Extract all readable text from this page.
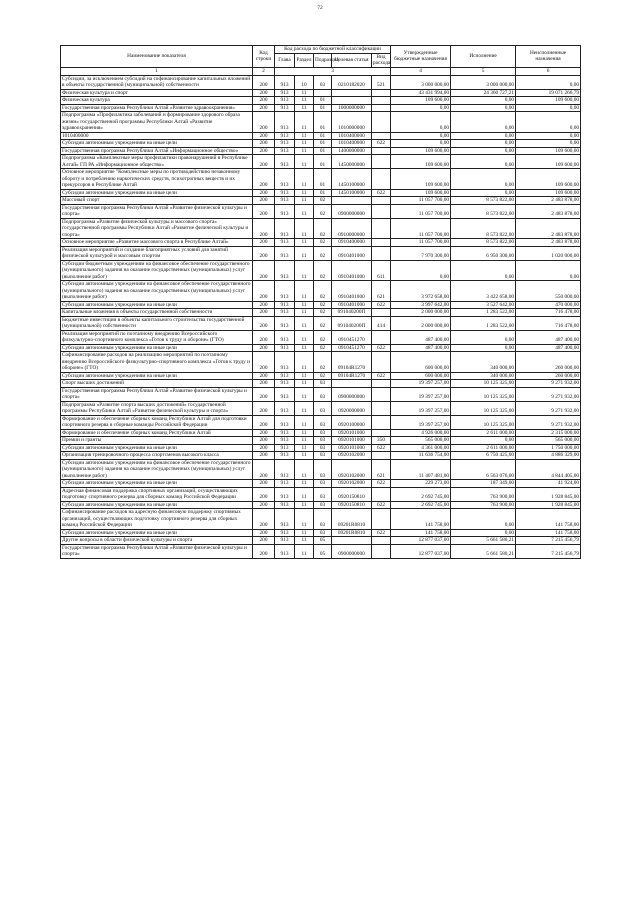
72
Наименование показателя	Код строки	Код расхода по бюджетной классификации					Утвержденные бюджетные назначения	Исполнение	Неисполненные назначения
		Глава	Раздел	Подраздел	Целевая статья	Вид расхода			
1	2	3					4	5	6
Субсидии, за исключением субсидий на софинансирование капитальных вложений в объекты государственной (муниципальной) собственности	200	913	10	03	0210182020	521	3 000 000,00	3 000 000,00	0,00
Физическая культура и спорт	200	913	11				43 431 994,00	24 360 727,21	19 071 266,79
Физическая культура	200	913	11	01			109 600,00	0,00	109 600,00
Государственная программа Республики Алтай «Развитие здравоохранения»	200	913	11	01	1000000000		0,00	0,00	0,00
Подпрограмма «Профилактика заболеваний и формирование здорового образа жизни» государственной программы Республики Алтай «Развитие здравоохранения»	200	913	11	01	1010000000		0,00	0,00	0,00
1010400000	200	913	11	01	1010400000		0,00	0,00	0,00
Субсидии автономным учреждениям на иные цели	200	913	11	01	1010400000	622	0,00	0,00	0,00
Государственная программа Республики Алтай «Информационное общество»	200	913	11	01	1400000000		109 600,00	0,00	109 600,00
Подпрограмма «Комплексные меры профилактики правонарушений в Республике Алтай» ГП РА «Информационное общество»	200	913	11	01	1450000000		109 600,00	0,00	109 600,00
Основное мероприятие "Комплексные меры по противодействию незаконному обороту и потреблению наркотических средств, психотропных веществ и их прекурсоров в Республике Алтай	200	913	11	01	1450100000		109 600,00	0,00	109 600,00
Субсидии автономным учреждениям на иные цели	200	913	11	01	1450100000	622	109 600,00	0,00	109 600,00
Массовый спорт	200	913	11	02			11 057 700,00	8 573 822,00	2 483 878,00
Государственная программа Республики Алтай «Развитие физической культуры и спорта»	200	913	11	02	0900000000		11 057 700,00	8 573 822,00	2 483 878,00
Подпрограмма «Развитие физической культуры и массового спорта» государственной программы Республики Алтай «Развитие физической культуры и спорта»	200	913	11	02	0910000000		11 057 700,00	8 573 822,00	2 483 878,00
Основное мероприятие «Развитие массового спорта в Республике Алтай»	200	913	11	02	0910400000		11 057 700,00	8 573 822,00	2 483 878,00
Реализация мероприятий и создание благоприятных условий для занятий физической культурой и массовым спортом	200	913	11	02	0910401000		7 970 300,00	6 950 300,00	1 020 000,00
Субсидии бюджетным учреждениям на финансовое обеспечение государственного (муниципального) задания на оказание государственных (муниципальных) услуг (выполнение работ)	200	913	11	02	0910401000	611	0,00	0,00	0,00
Субсидии автономным учреждениям на финансовое обеспечение государственного (муниципального) задания на оказание государственных (муниципальных) услуг (выполнение работ)	200	913	11	02	0910401000	621	3 972 658,00	3 422 658,00	550 000,00
Субсидии автономным учреждениям на иные цели	200	913	11	02	0910401000	622	3 997 642,00	3 527 642,00	470 000,00
Капитальные вложения в объекты государственной собственности	200	913	11	02	091040200П		2 000 000,00	1 283 522,00	716 478,00
Бюджетные инвестиции в объекты капитального строительства государственной (муниципальной) собственности	200	913	11	02	091040200П	414	2 000 000,00	1 283 522,00	716 478,00
Реализация мероприятий по поэтапному внедрению Всероссийского физкультурно-спортивного комплекса «Готов к труду и обороне» (ГТО)	200	913	11	02	0910451270		487 400,00	0,00	487 400,00
Субсидии автономным учреждениям на иные цели	200	913	11	02	0910451270	622	487 400,00	0,00	487 400,00
Софинансирование расходов на реализацию мероприятий по поэтапному внедрению Всероссийского физкультурно-спортивного комплекса «Готов к труду и обороне» (ГТО)	200	913	11	02	09104R1270		600 000,00	340 000,00	260 000,00
Субсидии автономным учреждениям на иные цели	200	913	11	02	09104R1270	622	600 000,00	340 000,00	260 000,00
Спорт высших достижений	200	913	11	03			19 397 257,00	10 125 325,00	9 271 932,00
Государственная программа Республики Алтай «Развитие физической культуры и спорта»	200	913	11	03	0900000000		19 397 257,00	10 125 325,00	9 271 932,00
Подпрограмма «Развитие спорта высших достижений» государственной программы Республики Алтай «Развитие физической культуры и спорта»	200	913	11	03	0920000000		19 397 257,00	10 125 325,00	9 271 932,00
Формирование и обеспечение сборных команд Республики Алтай для подготовки спортивного резерва в сборные команды Российской Федерации	200	913	11	03	0920100000		19 397 257,00	10 125 325,00	9 271 932,00
Формирование и обеспечение сборных команд Республики Алтай	200	913	11	03	0920101000		4 926 000,00	2 611 000,00	2 315 000,00
Премии и гранты	200	913	11	03	0920101000	350	565 000,00	0,00	565 000,00
Субсидии автономным учреждениям на иные цели	200	913	11	03	0920101000	622	4 361 000,00	2 611 000,00	1 750 000,00
Организация тренировочного процесса спортсменов высокого класса	200	913	11	03	0920102000		11 636 754,00	6 750 425,00	4 886 329,00
Субсидии автономным учреждениям на финансовое обеспечение государственного (муниципального) задания на оказание государственных (муниципальных) услуг (выполнение работ)	200	913	11	03	0920102000	621	11 407 481,00	6 563 076,00	4 844 405,00
Субсидии автономным учреждениям на иные цели	200	913	11	03	0920102000	622	229 273,00	187 349,00	41 924,00
Адресная финансовая поддержка спортивных организаций, осуществляющих подготовку спортивного резерва для сборных команд Российской Федерации	200	913	11	03	0920150810		2 692 745,00	763 900,00	1 928 845,00
Субсидии автономным учреждениям на иные цели	200	913	11	03	0920150810	622	2 692 745,00	763 900,00	1 928 845,00
Софинансирование расходов на адресную финансовую поддержку спортивных организаций, осуществляющих подготовку спортивного резерва для сборных команд Российской Федерации	200	913	11	03	09201R0810		141 758,00	0,00	141 758,00
Субсидии автономным учреждениям на иные цели	200	913	11	03	09201R0810	622	141 758,00	0,00	141 758,00
Другие вопросы в области физической культуры и спорта	200	913	11	05			12 877 037,00	5 661 580,21	7 215 456,79
Государственная программа Республики Алтай «Развитие физической культуры и спорта»	200	913	11	05	0900000000		12 877 037,00	5 661 580,21	7 215 456,79
